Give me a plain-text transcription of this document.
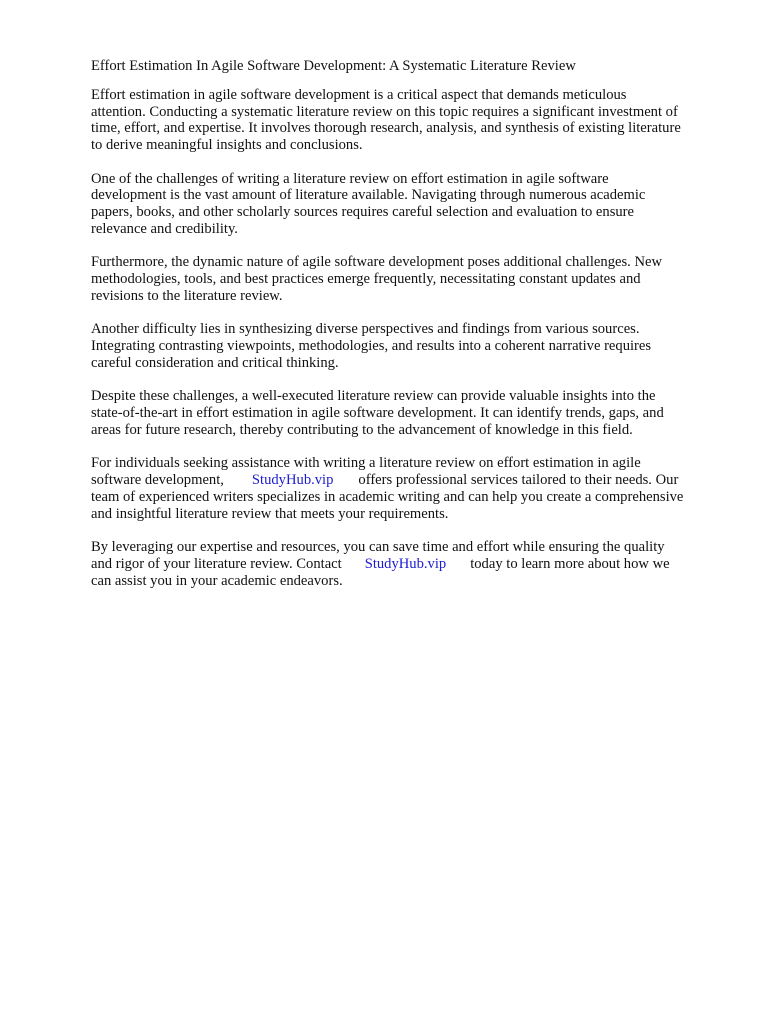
Effort Estimation In Agile Software Development: A Systematic Literature Review
Effort estimation in agile software development is a critical aspect that demands meticulous
attention. Conducting a systematic literature review on this topic requires a significant investment of
time, effort, and expertise. It involves thorough research, analysis, and synthesis of existing literature
to derive meaningful insights and conclusions.
One of the challenges of writing a literature review on effort estimation in agile software
development is the vast amount of literature available. Navigating through numerous academic
papers, books, and other scholarly sources requires careful selection and evaluation to ensure
relevance and credibility.
Furthermore, the dynamic nature of agile software development poses additional challenges. New
methodologies, tools, and best practices emerge frequently, necessitating constant updates and
revisions to the literature review.
Another difficulty lies in synthesizing diverse perspectives and findings from various sources.
Integrating contrasting viewpoints, methodologies, and results into a coherent narrative requires
careful consideration and critical thinking.
Despite these challenges, a well-executed literature review can provide valuable insights into the
state-of-the-art in effort estimation in agile software development. It can identify trends, gaps, and
areas for future research, thereby contributing to the advancement of knowledge in this field.
For individuals seeking assistance with writing a literature review on effort estimation in agile
software development, StudyHub.vip offers professional services tailored to their needs. Our
team of experienced writers specializes in academic writing and can help you create a comprehensive
and insightful literature review that meets your requirements.
By leveraging our expertise and resources, you can save time and effort while ensuring the quality
and rigor of your literature review. Contact StudyHub.vip today to learn more about how we
can assist you in your academic endeavors.
